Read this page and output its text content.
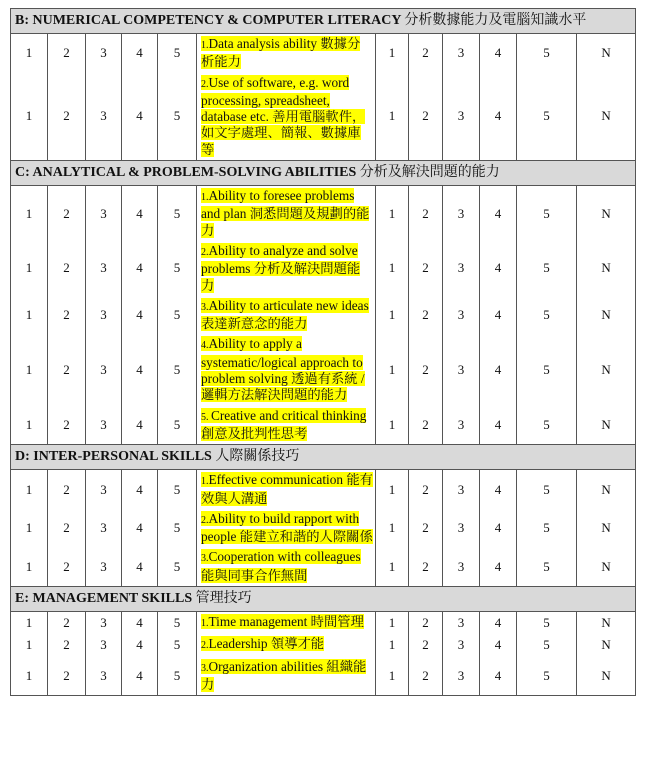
B: NUMERICAL COMPETENCY & COMPUTER LITERACY 分析數據能力及電腦知識水平											
1	2	3	4	5	1.Data analysis ability 數據分析能力	1	2	3	4	5	N
1	2	3	4	5	2.Use of software, e.g. word processing, spreadsheet, database etc. 善用電腦軟件，如文字處理、簡報、數據庫等	1	2	3	4	5	N
C: ANALYTICAL & PROBLEM-SOLVING ABILITIES 分析及解決問題的能力											
1	2	3	4	5	1.Ability to foresee problems and plan 洞悉問題及規劃的能力	1	2	3	4	5	N
1	2	3	4	5	2.Ability to analyze and solve problems 分析及解決問題能力	1	2	3	4	5	N
1	2	3	4	5	3.Ability to articulate new ideas 表達新意念的能力	1	2	3	4	5	N
1	2	3	4	5	4.Ability to apply a systematic/logical approach to problem solving 透過有系統 / 邏輯方法解決問題的能力	1	2	3	4	5	N
1	2	3	4	5	5. Creative and critical thinking 創意及批判性思考	1	2	3	4	5	N
D: INTER-PERSONAL SKILLS 人際關係技巧											
1	2	3	4	5	1.Effective communication 能有效與人溝通	1	2	3	4	5	N
1	2	3	4	5	2.Ability to build rapport with people 能建立和諧的人際關係	1	2	3	4	5	N
1	2	3	4	5	3.Cooperation with colleagues 能與同事合作無間	1	2	3	4	5	N
E: MANAGEMENT SKILLS 管理技巧											
1	2	3	4	5	1.Time management 時間管理	1	2	3	4	5	N
1	2	3	4	5	2.Leadership 領導才能	1	2	3	4	5	N
1	2	3	4	5	3.Organization abilities 組織能力	1	2	3	4	5	N
